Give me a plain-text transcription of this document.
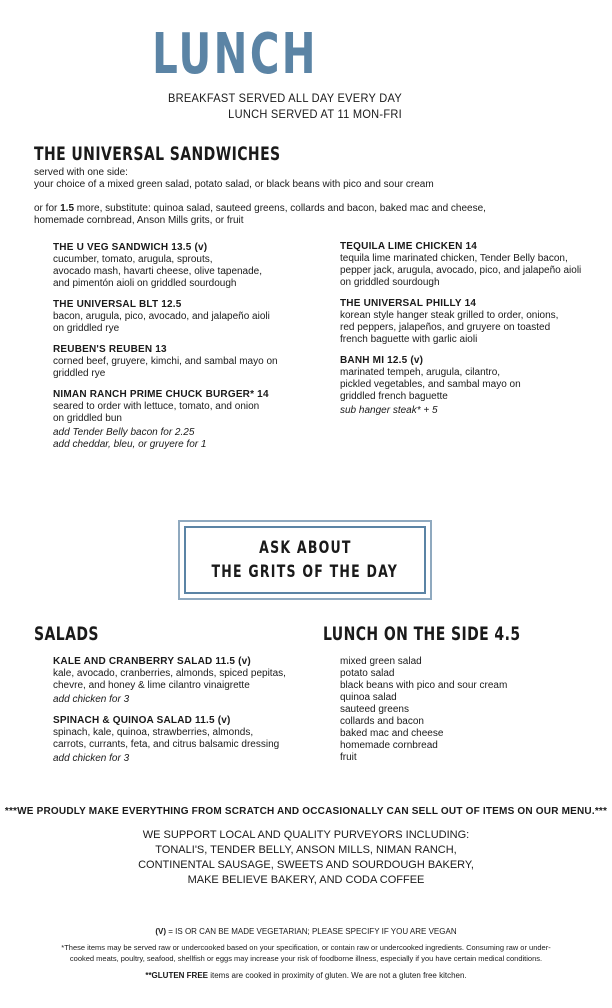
LUNCH
BREAKFAST SERVED ALL DAY EVERY DAY
LUNCH SERVED AT 11 MON-FRI
THE UNIVERSAL SANDWICHES
served with one side:
your choice of a mixed green salad, potato salad, or black beans with pico and sour cream
or for 1.5 more, substitute: quinoa salad, sauteed greens, collards and bacon, baked mac and cheese,
homemade cornbread, Anson Mills grits, or fruit
THE U VEG SANDWICH 13.5 (v)
cucumber, tomato, arugula, sprouts,
avocado mash, havarti cheese, olive tapenade,
and pimentón aioli on griddled sourdough
THE UNIVERSAL BLT 12.5
bacon, arugula, pico, avocado, and jalapeño aioli
on griddled rye
REUBEN'S REUBEN 13
corned beef, gruyere, kimchi, and sambal mayo on
griddled rye
NIMAN RANCH PRIME CHUCK BURGER* 14
seared to order with lettuce, tomato, and onion
on griddled bun
add Tender Belly bacon for 2.25
add cheddar, bleu, or gruyere for 1
TEQUILA LIME CHICKEN 14
tequila lime marinated chicken, Tender Belly bacon,
pepper jack, arugula, avocado, pico, and jalapeño aioli
on griddled sourdough
THE UNIVERSAL PHILLY 14
korean style hanger steak grilled to order, onions,
red peppers, jalapeños, and gruyere on toasted
french baguette with garlic aioli
BANH MI 12.5 (v)
marinated tempeh, arugula, cilantro,
pickled vegetables, and sambal mayo on
griddled french baguette
sub hanger steak* + 5
ASK ABOUT
THE GRITS OF THE DAY
SALADS
KALE AND CRANBERRY SALAD 11.5 (v)
kale, avocado, cranberries, almonds, spiced pepitas,
chevre, and honey & lime cilantro vinaigrette
add chicken for 3
SPINACH & QUINOA SALAD 11.5 (v)
spinach, kale, quinoa, strawberries, almonds,
carrots, currants, feta, and citrus balsamic dressing
add chicken for 3
LUNCH ON THE SIDE 4.5
mixed green salad
potato salad
black beans with pico and sour cream
quinoa salad
sauteed greens
collards and bacon
baked mac and cheese
homemade cornbread
fruit
***WE PROUDLY MAKE EVERYTHING FROM SCRATCH AND OCCASIONALLY CAN SELL OUT OF ITEMS ON OUR MENU.***
WE SUPPORT LOCAL AND QUALITY PURVEYORS INCLUDING:
TONALI'S, TENDER BELLY, ANSON MILLS, NIMAN RANCH,
CONTINENTAL SAUSAGE, SWEETS AND SOURDOUGH BAKERY,
MAKE BELIEVE BAKERY, AND CODA COFFEE
(V) = IS OR CAN BE MADE VEGETARIAN; PLEASE SPECIFY IF YOU ARE VEGAN
*These items may be served raw or undercooked based on your specification, or contain raw or undercooked ingredients. Consuming raw or under-
cooked meats, poultry, seafood, shellfish or eggs may increase your risk of foodborne illness, especially if you have certain medical conditions.
**GLUTEN FREE items are cooked in proximity of gluten. We are not a gluten free kitchen.
